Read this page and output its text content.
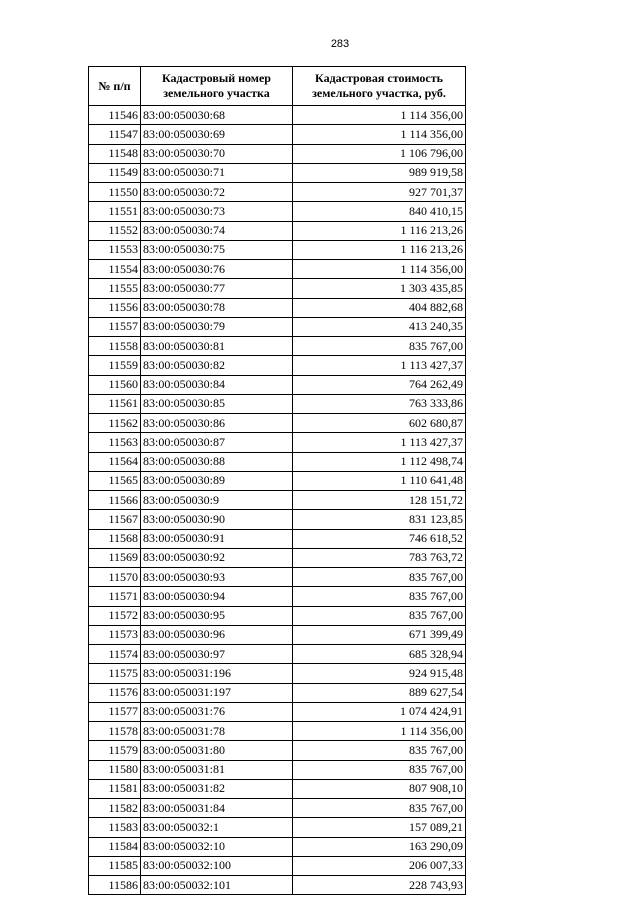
283
№ п/п	Кадастровый номер земельного участка	Кадастровая стоимость земельного участка, руб.
11546	83:00:050030:68	1 114 356,00
11547	83:00:050030:69	1 114 356,00
11548	83:00:050030:70	1 106 796,00
11549	83:00:050030:71	989 919,58
11550	83:00:050030:72	927 701,37
11551	83:00:050030:73	840 410,15
11552	83:00:050030:74	1 116 213,26
11553	83:00:050030:75	1 116 213,26
11554	83:00:050030:76	1 114 356,00
11555	83:00:050030:77	1 303 435,85
11556	83:00:050030:78	404 882,68
11557	83:00:050030:79	413 240,35
11558	83:00:050030:81	835 767,00
11559	83:00:050030:82	1 113 427,37
11560	83:00:050030:84	764 262,49
11561	83:00:050030:85	763 333,86
11562	83:00:050030:86	602 680,87
11563	83:00:050030:87	1 113 427,37
11564	83:00:050030:88	1 112 498,74
11565	83:00:050030:89	1 110 641,48
11566	83:00:050030:9	128 151,72
11567	83:00:050030:90	831 123,85
11568	83:00:050030:91	746 618,52
11569	83:00:050030:92	783 763,72
11570	83:00:050030:93	835 767,00
11571	83:00:050030:94	835 767,00
11572	83:00:050030:95	835 767,00
11573	83:00:050030:96	671 399,49
11574	83:00:050030:97	685 328,94
11575	83:00:050031:196	924 915,48
11576	83:00:050031:197	889 627,54
11577	83:00:050031:76	1 074 424,91
11578	83:00:050031:78	1 114 356,00
11579	83:00:050031:80	835 767,00
11580	83:00:050031:81	835 767,00
11581	83:00:050031:82	807 908,10
11582	83:00:050031:84	835 767,00
11583	83:00:050032:1	157 089,21
11584	83:00:050032:10	163 290,09
11585	83:00:050032:100	206 007,33
11586	83:00:050032:101	228 743,93
